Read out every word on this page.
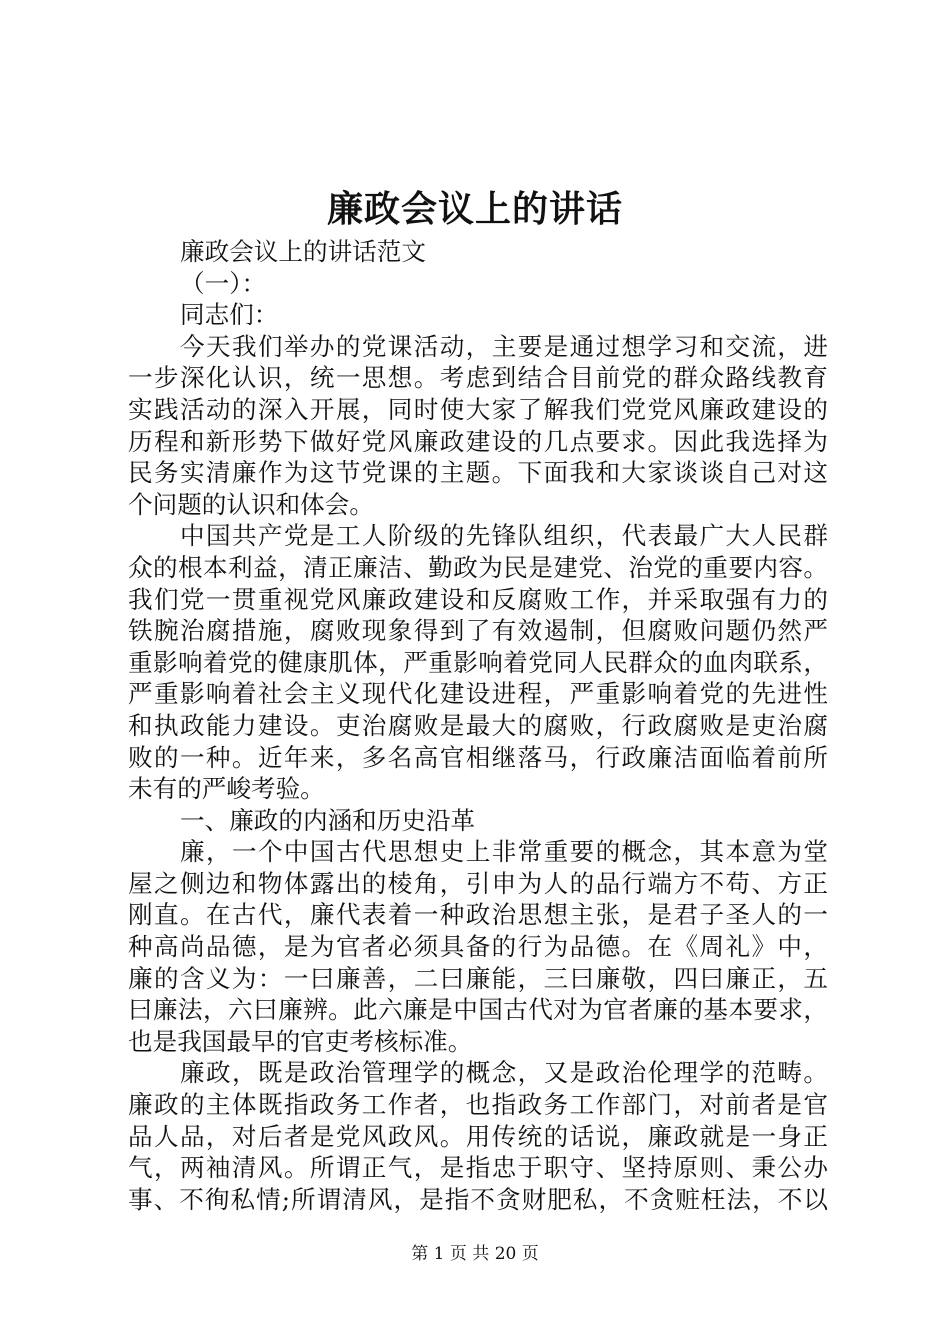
廉政会议上的讲话
廉政会议上的讲话范文
（一）：
同志们：
今天我们举办的党课活动，主要是通过想学习和交流，进
一步深化认识，统一思想。考虑到结合目前党的群众路线教育
实践活动的深入开展，同时使大家了解我们党党风廉政建设的
历程和新形势下做好党风廉政建设的几点要求。因此我选择为
民务实清廉作为这节党课的主题。下面我和大家谈谈自己对这
个问题的认识和体会。
中国共产党是工人阶级的先锋队组织，代表最广大人民群
众的根本利益，清正廉洁、勤政为民是建党、治党的重要内容。
我们党一贯重视党风廉政建设和反腐败工作，并采取强有力的
铁腕治腐措施，腐败现象得到了有效遏制，但腐败问题仍然严
重影响着党的健康肌体，严重影响着党同人民群众的血肉联系，
严重影响着社会主义现代化建设进程，严重影响着党的先进性
和执政能力建设。吏治腐败是最大的腐败，行政腐败是吏治腐
败的一种。近年来，多名高官相继落马，行政廉洁面临着前所
未有的严峻考验。
一、廉政的内涵和历史沿革
廉，一个中国古代思想史上非常重要的概念，其本意为堂
屋之侧边和物体露出的棱角，引申为人的品行端方不苟、方正
刚直。在古代，廉代表着一种政治思想主张，是君子圣人的一
种高尚品德，是为官者必须具备的行为品德。在《周礼》中，
廉的含义为：一曰廉善，二曰廉能，三曰廉敬，四曰廉正，五
曰廉法，六曰廉辨。此六廉是中国古代对为官者廉的基本要求，
也是我国最早的官吏考核标准。
廉政，既是政治管理学的概念，又是政治伦理学的范畴。
廉政的主体既指政务工作者，也指政务工作部门，对前者是官
品人品，对后者是党风政风。用传统的话说，廉政就是一身正
气，两袖清风。所谓正气，是指忠于职守、坚持原则、秉公办
事、不徇私情;所谓清风，是指不贪财肥私，不贪赃枉法，不以
第 1 页 共 20 页
